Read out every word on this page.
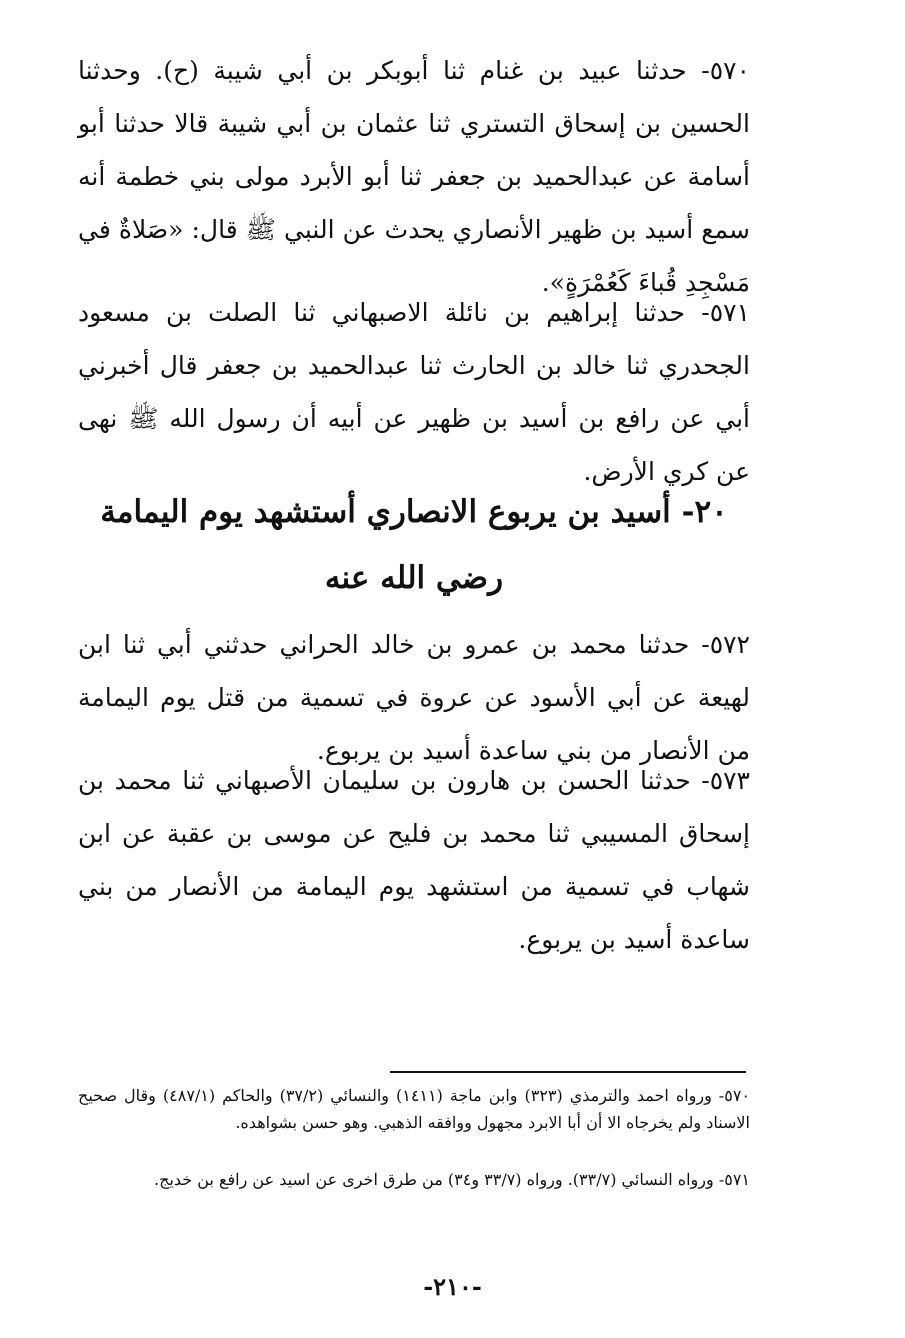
٥٧٠- حدثنا عبيد بن غنام ثنا أبوبكر بن أبي شيبة (ح). وحدثنا الحسين بن إسحاق التستري ثنا عثمان بن أبي شيبة قالا حدثنا أبو أسامة عن عبدالحميد بن جعفر ثنا أبو الأبرد مولى بني خطمة أنه سمع أسيد بن ظهير الأنصاري يحدث عن النبي ﷺ قال: «صَلاةٌ في مَسْجِدِ قُباءَ كَعُمْرَةٍ».

٥٧١- حدثنا إبراهيم بن نائلة الاصبهاني ثنا الصلت بن مسعود الجحدري ثنا خالد بن الحارث ثنا عبدالحميد بن جعفر قال أخبرني أبي عن رافع بن أسيد بن ظهير عن أبيه أن رسول الله ﷺ نهى عن كري الأرض.

٢٠- أسيد بن يربوع الانصاري أستشهد يوم اليمامة
رضي الله عنه

٥٧٢- حدثنا محمد بن عمرو بن خالد الحراني حدثني أبي ثنا ابن لهيعة عن أبي الأسود عن عروة في تسمية من قتل يوم اليمامة من الأنصار من بني ساعدة أسيد بن يربوع.

٥٧٣- حدثنا الحسن بن هارون بن سليمان الأصبهاني ثنا محمد بن إسحاق المسيبي ثنا محمد بن فليح عن موسى بن عقبة عن ابن شهاب في تسمية من استشهد يوم اليمامة من الأنصار من بني ساعدة أسيد بن يربوع.

٥٧٠- ورواه احمد والترمذي (٣٢٣) وابن ماجة (١٤١١) والنسائي (٣٧/٢) والحاكم (٤٨٧/١) وقال صحيح الاسناد ولم يخرجاه الا أن أبا الابرد مجهول ووافقه الذهبي. وهو حسن بشواهده.

٥٧١- ورواه النسائي (٣٣/٧). ورواه (٣٣/٧ و٣٤) من طرق اخرى عن اسيد عن رافع بن خديج.

-٢١٠-
